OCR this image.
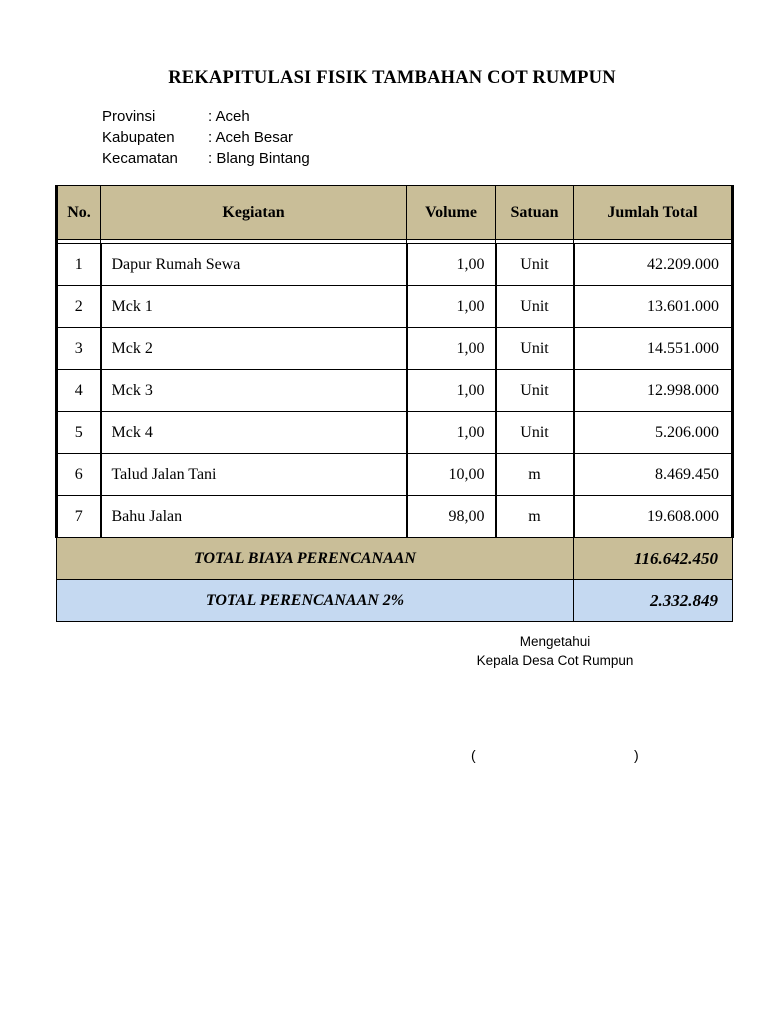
REKAPITULASI FISIK TAMBAHAN COT RUMPUN
Provinsi	: Aceh
Kabupaten : Aceh Besar
Kecamatan : Blang Bintang
No.	Kegiatan	Volume	Satuan	Jumlah Total

1	Dapur Rumah Sewa	1,00	Unit	42.209.000
2	Mck 1	1,00	Unit	13.601.000
3	Mck 2	1,00	Unit	14.551.000
4	Mck 3	1,00	Unit	12.998.000
5	Mck 4	1,00	Unit	5.206.000
6	Talud Jalan Tani	10,00	m	8.469.450
7	Bahu Jalan	98,00	m	19.608.000
TOTAL BIAYA PERENCANAAN				116.642.450
TOTAL PERENCANAAN 2%				2.332.849
Mengetahui
Kepala Desa Cot Rumpun
(	)
